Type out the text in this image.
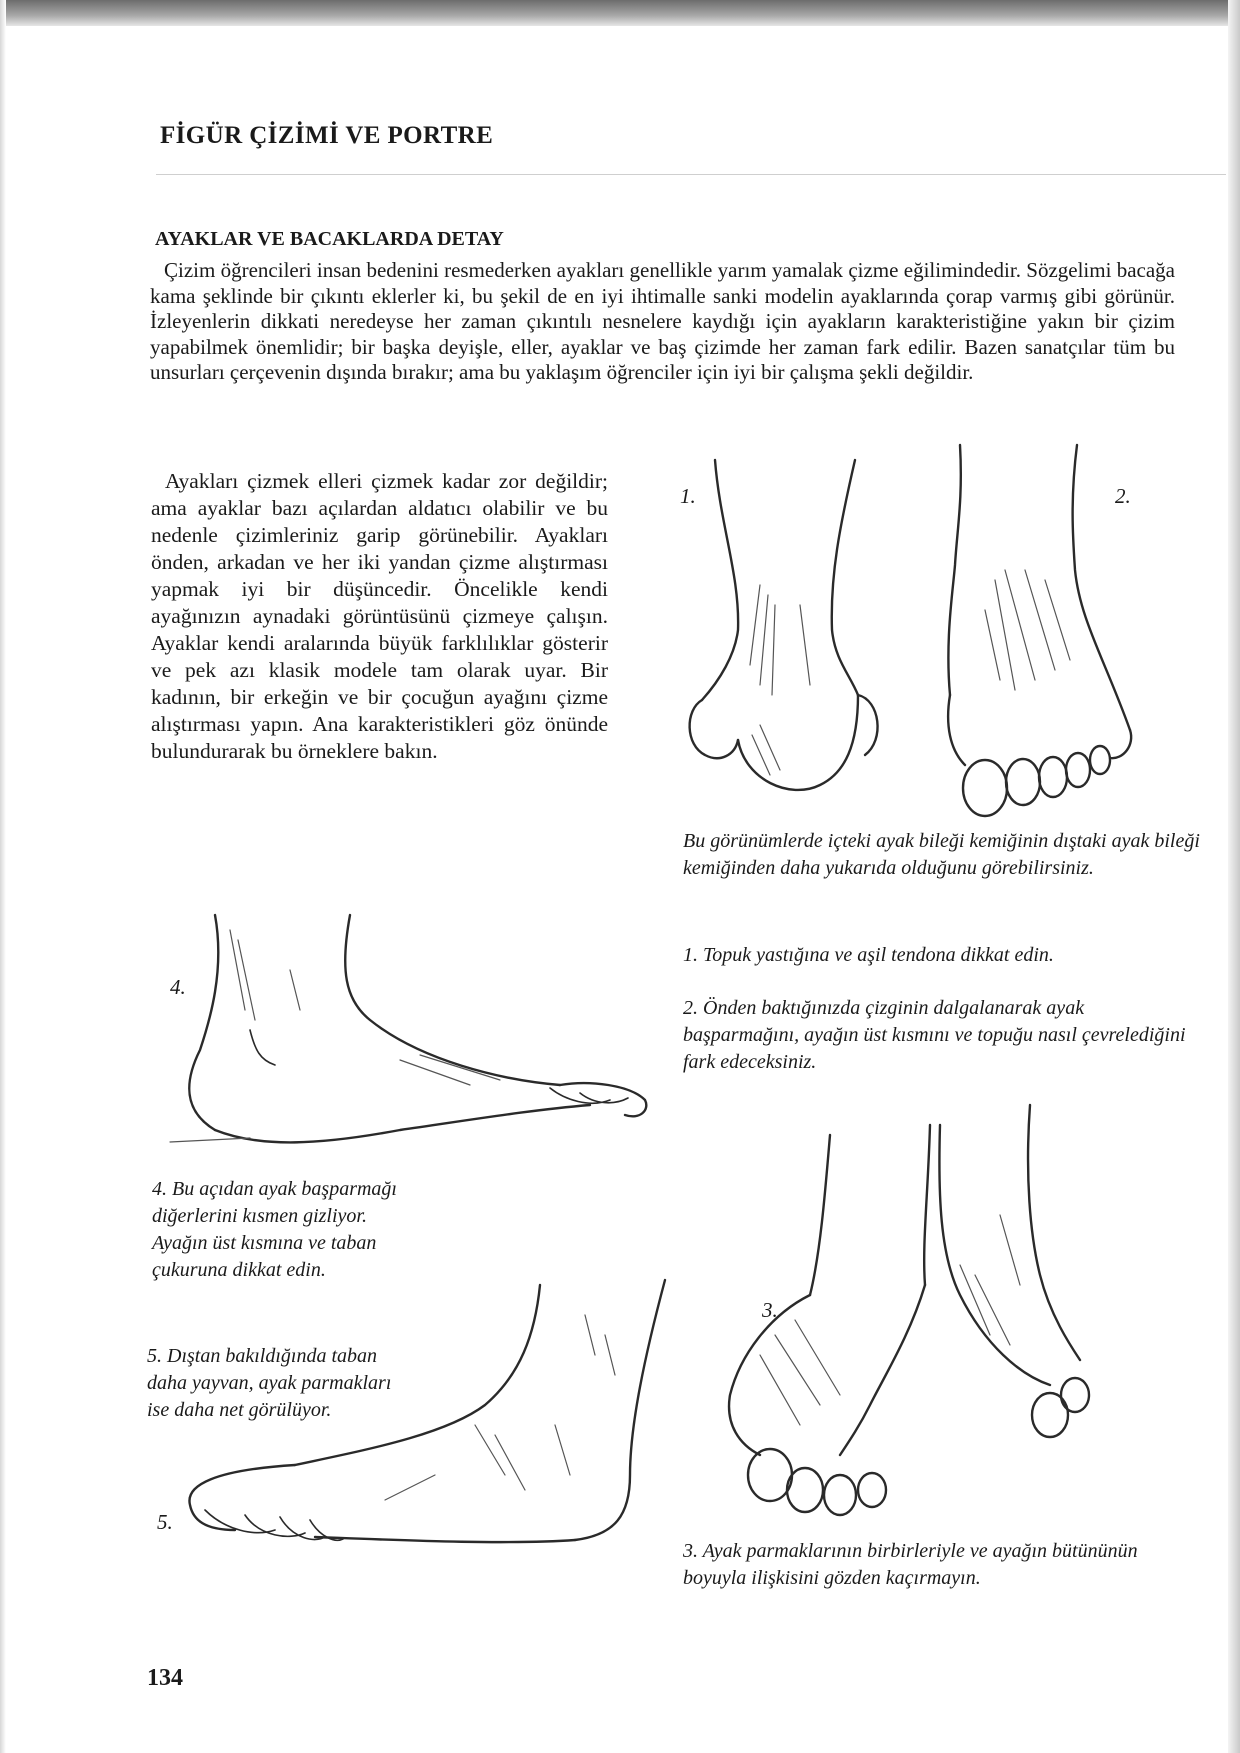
FİGÜR ÇİZİMİ VE PORTRE
AYAKLAR VE BACAKLARDA DETAY

Çizim öğrencileri insan bedenini resmederken ayakları genellikle yarım yamalak çizme eğilimindedir. Sözgelimi bacağa kama şeklinde bir çıkıntı eklerler ki, bu şekil de en iyi ihtimalle sanki modelin ayaklarında çorap varmış gibi görünür. İzleyenlerin dikkati neredeyse her zaman çıkıntılı nesnelere kaydığı için ayakların karakteristiğine yakın bir çizim yapabilmek önemlidir; bir başka deyişle, eller, ayaklar ve baş çizimde her zaman fark edilir. Bazen sanatçılar tüm bu unsurları çerçevenin dışında bırakır; ama bu yaklaşım öğrenciler için iyi bir çalışma şekli değildir.

Ayakları çizmek elleri çizmek kadar zor değildir; ama ayaklar bazı açılardan aldatıcı olabilir ve bu nedenle çizimleriniz garip görünebilir. Ayakları önden, arkadan ve her iki yandan çizme alıştırması yapmak iyi bir düşüncedir. Öncelikle kendi ayağınızın aynadaki görüntüsünü çizmeye çalışın. Ayaklar kendi aralarında büyük farklılıklar gösterir ve pek azı klasik modele tam olarak uyar. Bir kadının, bir erkeğin ve bir çocuğun ayağını çizme alıştırması yapın. Ana karakteristikleri göz önünde bulundurarak bu örneklere bakın.

1.	2.
Bu görünümlerde içteki ayak bileği kemiğinin dıştaki ayak bileği kemiğinden daha yukarıda olduğunu görebilirsiniz.
1. Topuk yastığına ve aşil tendona dikkat edin.
2. Önden baktığınızda çizginin dalgalanarak ayak başparmağını, ayağın üst kısmını ve topuğu nasıl çevrelediğini fark edeceksiniz.
4.
3.
4. Bu açıdan ayak başparmağı diğerlerini kısmen gizliyor. Ayağın üst kısmına ve taban çukuruna dikkat edin.
5. Dıştan bakıldığında taban daha yayvan, ayak parmakları ise daha net görülüyor.
5.
3. Ayak parmaklarının birbirleriyle ve ayağın bütününün boyuyla ilişkisini gözden kaçırmayın.
134
